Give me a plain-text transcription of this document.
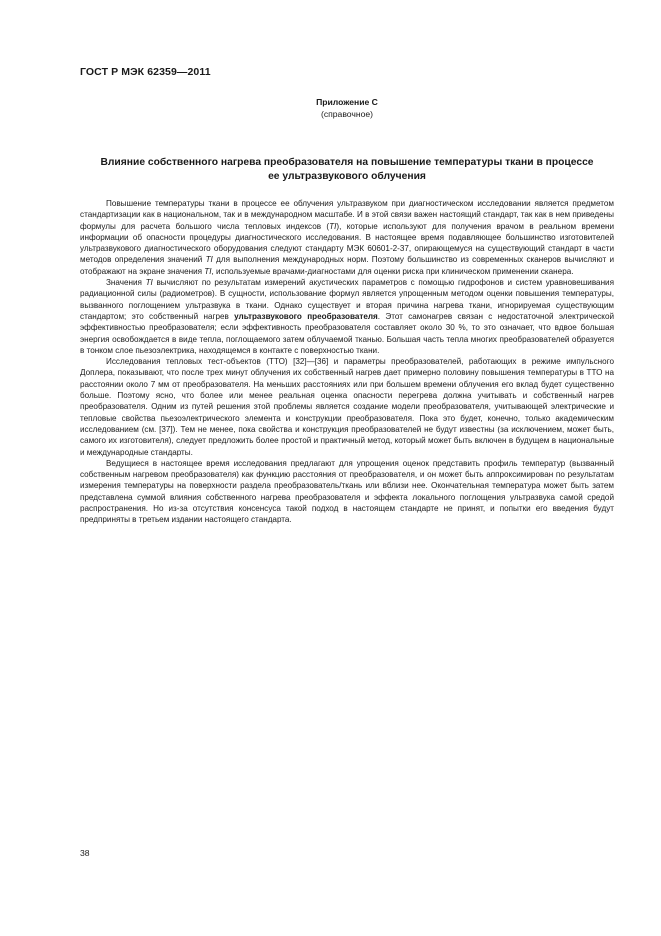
ГОСТ Р МЭК 62359—2011
Приложение С
(справочное)
Влияние собственного нагрева преобразователя на повышение температуры ткани в процессе
ее ультразвукового облучения

Повышение температуры ткани в процессе ее облучения ультразвуком при диагностическом исследовании является предметом стандартизации как в национальном, так и в международном масштабе. И в этой связи важен настоящий стандарт, так как в нем приведены формулы для расчета большого числа тепловых индексов (TI), которые используют для получения врачом в реальном времени информации об опасности процедуры диагностического исследования. В настоящее время подавляющее большинство изготовителей ультразвукового диагностического оборудования следуют стандарту МЭК 60601-2-37, опирающемуся на существующий стандарт в части методов определения значений TI для выполнения международных норм. Поэтому большинство из современных сканеров вычисляют и отображают на экране значения TI, используемые врачами-диагностами для оценки риска при клиническом применении сканера.

Значения TI вычисляют по результатам измерений акустических параметров с помощью гидрофонов и систем уравновешивания радиационной силы (радиометров). В сущности, использование формул является упрощенным методом оценки повышения температуры, вызванного поглощением ультразвука в ткани. Однако существует и вторая причина нагрева ткани, игнорируемая существующим стандартом; это собственный нагрев ультразвукового преобразователя. Этот самонагрев связан с недостаточной электрической эффективностью преобразователя; если эффективность преобразователя составляет около 30 %, то это означает, что вдвое большая энергия освобождается в виде тепла, поглощаемого затем облучаемой тканью. Большая часть тепла многих преобразователей образуется в тонком слое пьезоэлектрика, находящемся в контакте с поверхностью ткани.

Исследования тепловых тест-объектов (ТТО) [32]—[36] и параметры преобразователей, работающих в режиме импульсного Доплера, показывают, что после трех минут облучения их собственный нагрев дает примерно половину повышения температуры в ТТО на расстоянии около 7 мм от преобразователя. На меньших расстояниях или при большем времени облучения его вклад будет существенно больше. Поэтому ясно, что более или менее реальная оценка опасности перегрева должна учитывать и собственный нагрев преобразователя. Одним из путей решения этой проблемы является создание модели преобразователя, учитывающей электрические и тепловые свойства пьезоэлектрического элемента и конструкции преобразователя. Пока это будет, конечно, только академическим исследованием (см. [37]). Тем не менее, пока свойства и конструкция преобразователей не будут известны (за исключением, может быть, самого их изготовителя), следует предложить более простой и практичный метод, который может быть включен в будущем в национальные и международные стандарты.

Ведущиеся в настоящее время исследования предлагают для упрощения оценок представить профиль температур (вызванный собственным нагревом преобразователя) как функцию расстояния от преобразователя, и он может быть аппроксимирован по результатам измерения температуры на поверхности раздела преобразователь/ткань или вблизи нее. Окончательная температура может быть затем представлена суммой влияния собственного нагрева преобразователя и эффекта локального поглощения ультразвука самой средой распространения. Но из-за отсутствия консенсуса такой подход в настоящем стандарте не принят, и попытки его введения будут предприняты в третьем издании настоящего стандарта.

38
